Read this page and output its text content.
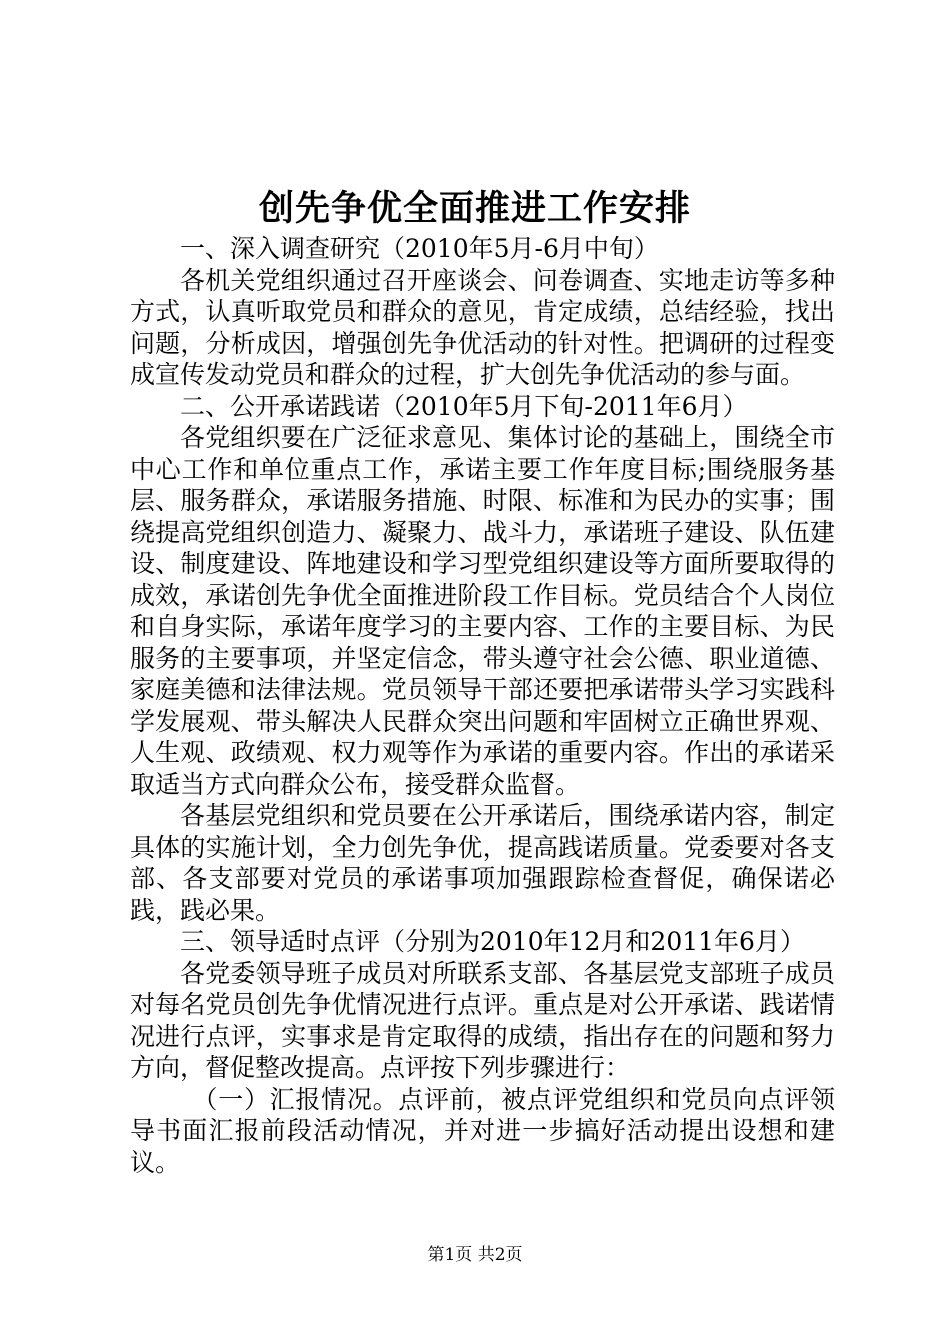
创先争优全面推进工作安排

一、深入调查研究（2010年5月-6月中旬）

各机关党组织通过召开座谈会、问卷调查、实地走访等多种方式，认真听取党员和群众的意见，肯定成绩，总结经验，找出问题，分析成因，增强创先争优活动的针对性。把调研的过程变成宣传发动党员和群众的过程，扩大创先争优活动的参与面。

二、公开承诺践诺（2010年5月下旬-2011年6月）

各党组织要在广泛征求意见、集体讨论的基础上，围绕全市中心工作和单位重点工作，承诺主要工作年度目标;围绕服务基层、服务群众，承诺服务措施、时限、标准和为民办的实事；围绕提高党组织创造力、凝聚力、战斗力，承诺班子建设、队伍建设、制度建设、阵地建设和学习型党组织建设等方面所要取得的成效，承诺创先争优全面推进阶段工作目标。党员结合个人岗位和自身实际，承诺年度学习的主要内容、工作的主要目标、为民服务的主要事项，并坚定信念，带头遵守社会公德、职业道德、家庭美德和法律法规。党员领导干部还要把承诺带头学习实践科学发展观、带头解决人民群众突出问题和牢固树立正确世界观、人生观、政绩观、权力观等作为承诺的重要内容。作出的承诺采取适当方式向群众公布，接受群众监督。

各基层党组织和党员要在公开承诺后，围绕承诺内容，制定具体的实施计划，全力创先争优，提高践诺质量。党委要对各支部、各支部要对党员的承诺事项加强跟踪检查督促，确保诺必践，践必果。

三、领导适时点评（分别为2010年12月和2011年6月）

各党委领导班子成员对所联系支部、各基层党支部班子成员对每名党员创先争优情况进行点评。重点是对公开承诺、践诺情况进行点评，实事求是肯定取得的成绩，指出存在的问题和努力方向，督促整改提高。点评按下列步骤进行：

（一）汇报情况。点评前，被点评党组织和党员向点评领导书面汇报前段活动情况，并对进一步搞好活动提出设想和建议。

第1页 共2页
